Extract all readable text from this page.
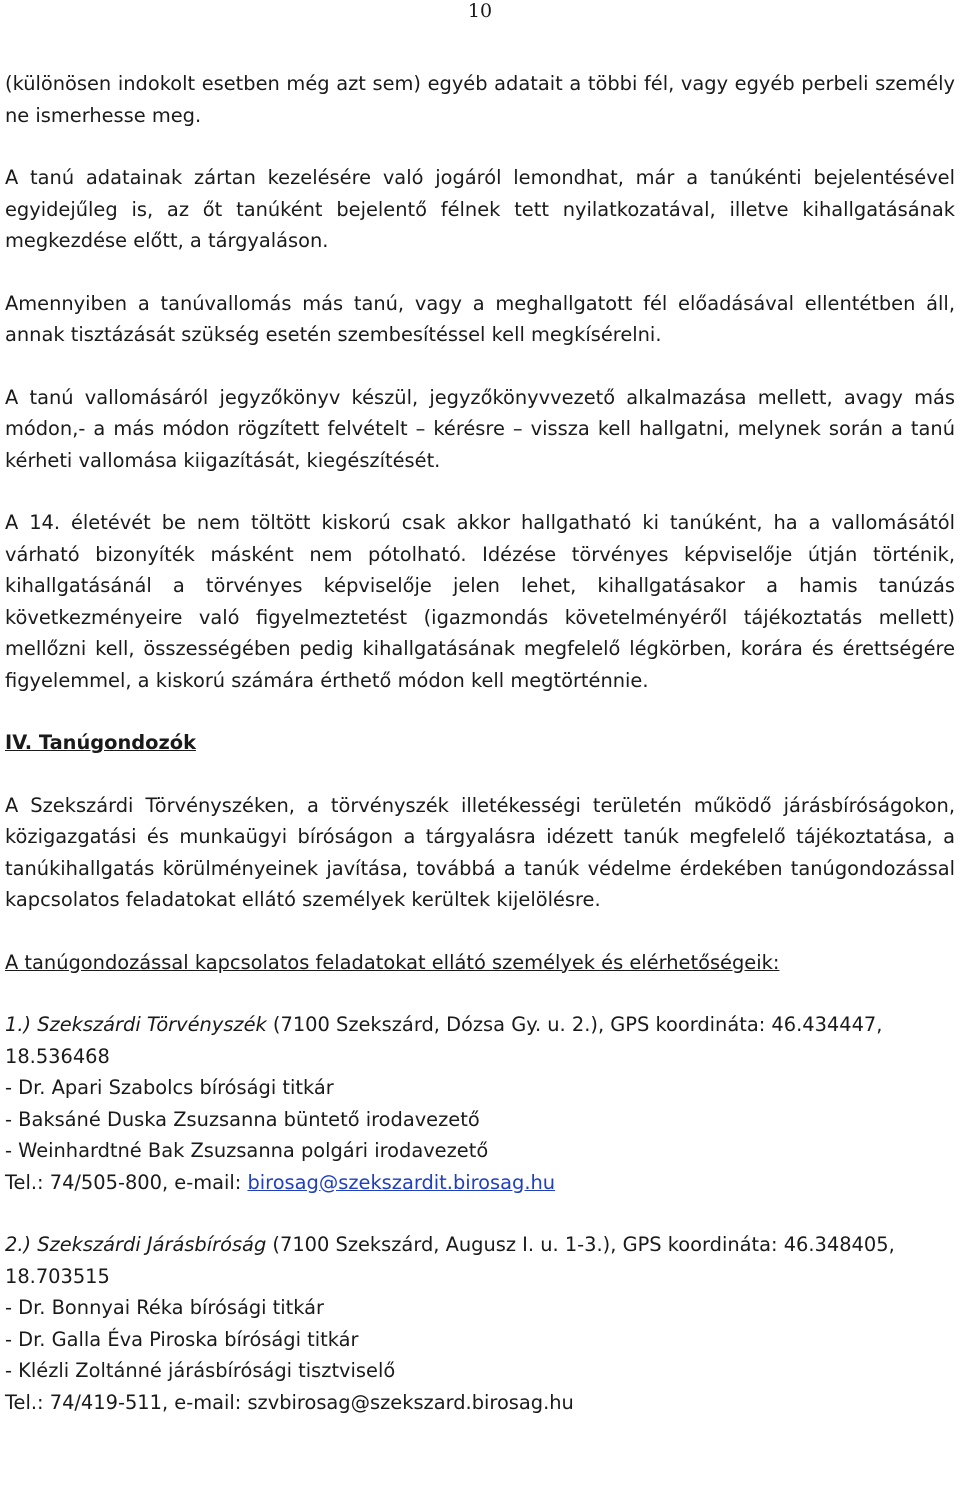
10

(különösen indokolt esetben még azt sem) egyéb adatait a többi fél, vagy egyéb perbeli személy ne ismerhesse meg.

A tanú adatainak zártan kezelésére való jogáról lemondhat, már a tanúkénti bejelentésével egyidejűleg is, az őt tanúként bejelentő félnek tett nyilatkozatával, illetve kihallgatásának megkezdése előtt, a tárgyaláson.

Amennyiben a tanúvallomás más tanú, vagy a meghallgatott fél előadásával ellentétben áll, annak tisztázását szükség esetén szembesítéssel kell megkísérelni.

A tanú vallomásáról jegyzőkönyv készül, jegyzőkönyvvezető alkalmazása mellett, avagy más módon,- a más módon rögzített felvételt – kérésre – vissza kell hallgatni, melynek során a tanú kérheti vallomása kiigazítását, kiegészítését.

A 14. életévét be nem töltött kiskorú csak akkor hallgatható ki tanúként, ha a vallomásától várható bizonyíték másként nem pótolható. Idézése törvényes képviselője útján történik, kihallgatásánál a törvényes képviselője jelen lehet, kihallgatásakor a hamis tanúzás következményeire való figyelmeztetést (igazmondás követelményéről tájékoztatás mellett) mellőzni kell, összességében pedig kihallgatásának megfelelő légkörben, korára és érettségére figyelemmel, a kiskorú számára érthető módon kell megtörténnie.

IV. Tanúgondozók

A Szekszárdi Törvényszéken, a törvényszék illetékességi területén működő járásbíróságokon, közigazgatási és munkaügyi bíróságon a tárgyalásra idézett tanúk megfelelő tájékoztatása, a tanúkihallgatás körülményeinek javítása, továbbá a tanúk védelme érdekében tanúgondozással kapcsolatos feladatokat ellátó személyek kerültek kijelölésre.

A tanúgondozással kapcsolatos feladatokat ellátó személyek és elérhetőségeik:

1.) Szekszárdi Törvényszék (7100 Szekszárd, Dózsa Gy. u. 2.), GPS koordináta: 46.434447,
18.536468
- Dr. Apari Szabolcs bírósági titkár
- Baksáné Duska Zsuzsanna büntető irodavezető
- Weinhardtné Bak Zsuzsanna polgári irodavezető
Tel.: 74/505-800, e-mail: birosag@szekszardit.birosag.hu
2.) Szekszárdi Járásbíróság (7100 Szekszárd, Augusz I. u. 1-3.), GPS koordináta: 46.348405,
18.703515
- Dr. Bonnyai Réka bírósági titkár
- Dr. Galla Éva Piroska bírósági titkár
- Klézli Zoltánné járásbírósági tisztviselő
Tel.: 74/419-511, e-mail: szvbirosag@szekszard.birosag.hu
